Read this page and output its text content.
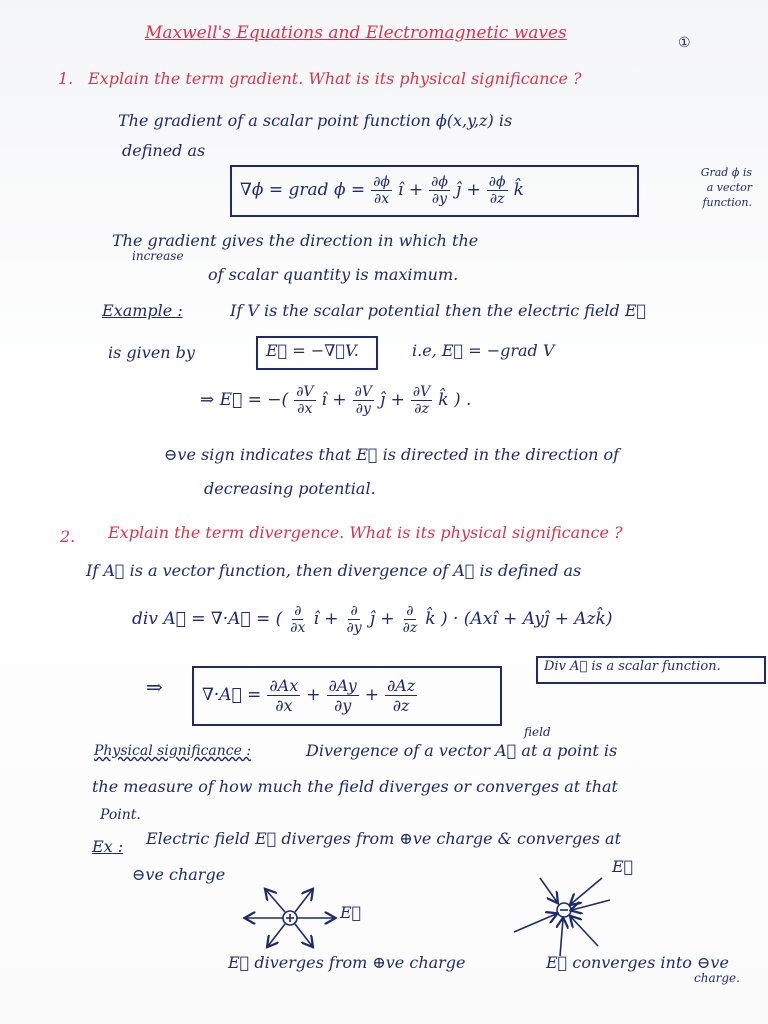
Maxwell's Equations and Electromagnetic waves	①
1. Explain the term gradient. What is its physical significance ?
The gradient of a scalar point function ϕ(x,y,z) is
defined as
∇ϕ = grad $\phi = \frac{\partial\phi}{\partial x}$ î + $\frac{\partial\phi}{\partial y}$ ĵ + $\frac{\partial\phi}{\partial z}$ k̂
Grad ϕ is
a vector
function.
The gradient gives the direction in which the
increase
of scalar quantity is maximum.
Example :	If V is the scalar potential then the electric field E⃗
is given by	E⃗ = −∇⃗V.	i.e, E⃗ = −grad V
⇒ E⃗ = −( $\frac{\partial V}{\partial x}$ î + $\frac{\partial V}{\partial y}$ ĵ + $\frac{\partial V}{\partial z}$ k̂ ) .
⊖ve sign indicates that E⃗ is directed in the direction of
decreasing potential.
2. Explain the term divergence. What is its physical significance ?
If A⃗ is a vector function, then divergence of A⃗ is defined as
div A⃗ = ∇·A⃗ = ( $\frac{\partial}{\partial x}$ î + $\frac{\partial}{\partial y}$ ĵ + $\frac{\partial}{\partial z}$ k̂ ) · (Axî + Ayĵ + Azk̂)
Div A⃗ is a scalar function.
⇒ ∇·A⃗ = $\frac{\partial Ax}{\partial x} + \frac{\partial Ay}{\partial y} + \frac{\partial Az}{\partial z}$
field
Physical significance :	Divergence of a vector A⃗ at a point is
the measure of how much the field diverges or converges at that
Point.
Ex : Electric field E⃗ diverges from ⊕ve charge & converges at
⊖ve charge
E⃗
E⃗
E⃗ diverges from ⊕ve charge	E⃗ converges into ⊖ve
charge.
